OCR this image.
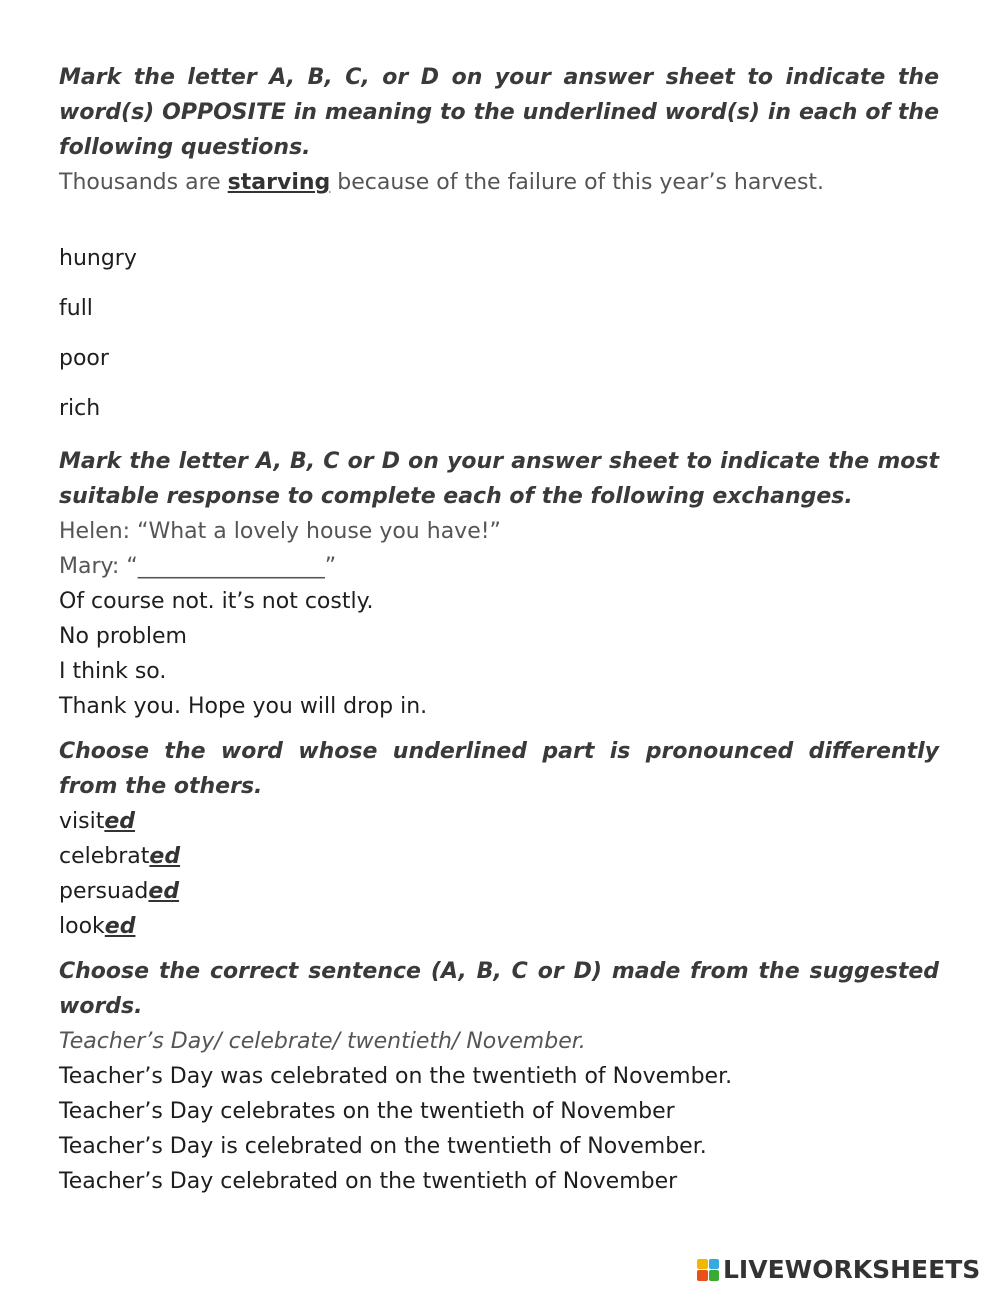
Mark the letter A, B, C, or D on your answer sheet to indicate the word(s) OPPOSITE in meaning to the underlined word(s) in each of the following questions.

Thousands are starving because of the failure of this year’s harvest.

hungry

full

poor

rich

Mark the letter A, B, C or D on your answer sheet to indicate the most suitable response to complete each of the following exchanges.

Helen: “What a lovely house you have!”

Mary: “_________________”

Of course not. it’s not costly.

No problem

I think so.

Thank you. Hope you will drop in.

Choose the word whose underlined part is pronounced differently from the others.

visited

celebrated

persuaded

looked

Choose the correct sentence (A, B, C or D) made from the suggested words.

Teacher’s Day/ celebrate/ twentieth/ November.

Teacher’s Day was celebrated on the twentieth of November.

Teacher’s Day celebrates on the twentieth of November

Teacher’s Day is celebrated on the twentieth of November.

Teacher’s Day celebrated on the twentieth of November

LIVEWORKSHEETS
